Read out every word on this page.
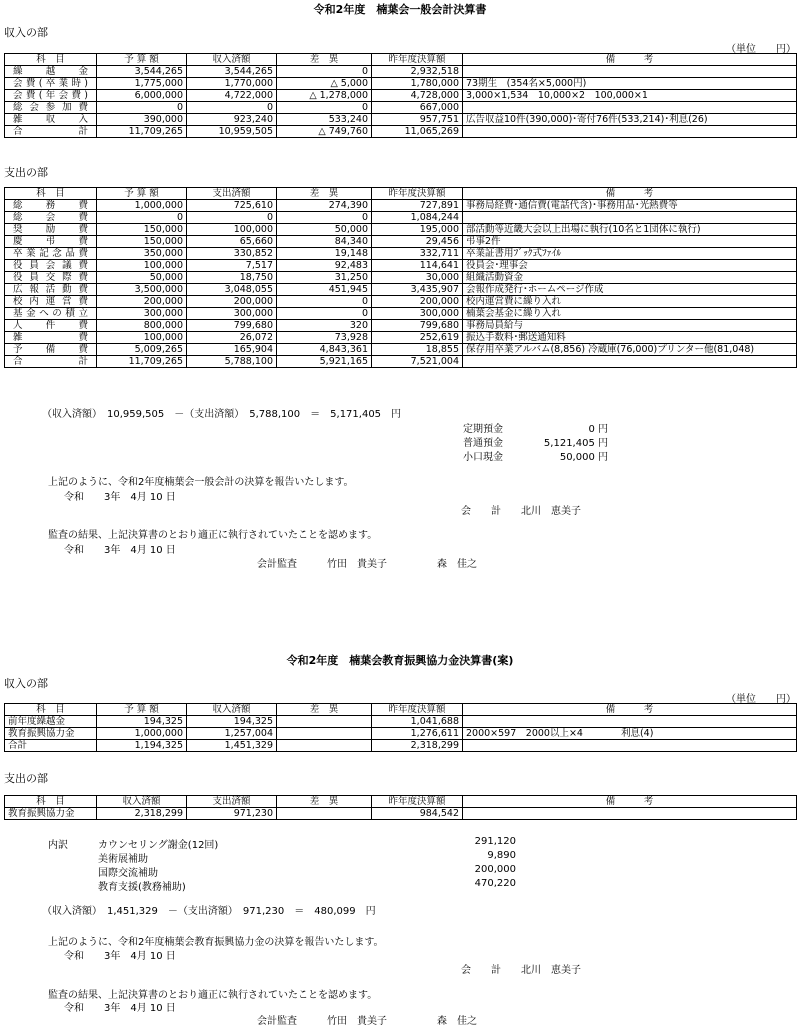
令和2年度　楠葉会一般会計決算書
収入の部
（単位　　円）
科　目	予 算 額	収入済額	差　異	昨年度決算額	備　　　考
繰越金	3,544,265	3,544,265	0	2,932,518	
会費(卒業時)	1,775,000	1,770,000	△ 5,000	1,780,000	73期生　(354名×5,000円)
会費(年会費)	6,000,000	4,722,000	△ 1,278,000	4,728,000	3,000×1,534　10,000×2　100,000×1
総会参加費	0	0	0	667,000	
雑収入	390,000	923,240	533,240	957,751	広告収益10件(390,000)･寄付76件(533,214)･利息(26)
合計	11,709,265	10,959,505	△ 749,760	11,065,269	
支出の部
科　目	予 算 額	支出済額	差　異	昨年度決算額	備　　　考
総務費	1,000,000	725,610	274,390	727,891	事務局経費･通信費(電話代含)･事務用品･光熱費等
総会費	0	0	0	1,084,244	
奨励費	150,000	100,000	50,000	195,000	部活動等近畿大会以上出場に執行(10名と1団体に執行)
慶弔費	150,000	65,660	84,340	29,456	弔事2件
卒業記念品費	350,000	330,852	19,148	332,711	卒業証書用ﾌﾞｯｸ式ﾌｧｲﾙ
役員会議費	100,000	7,517	92,483	114,641	役員会･理事会
役員交際費	50,000	18,750	31,250	30,000	組織活動資金
広報活動費	3,500,000	3,048,055	451,945	3,435,907	会報作成発行･ホームページ作成
校内運営費	200,000	200,000	0	200,000	校内運営費に繰り入れ
基金への積立	300,000	300,000	0	300,000	楠葉会基金に繰り入れ
人件費	800,000	799,680	320	799,680	事務局員給与
雑費	100,000	26,072	73,928	252,619	振込手数料･郵送通知料
予備費	5,009,265	165,904	4,843,361	18,855	保存用卒業アルバム(8,856) 冷蔵庫(76,000)プリンター他(81,048)
合計	11,709,265	5,788,100	5,921,165	7,521,004	
（収入済額）　10,959,505　－（支出済額）　5,788,100　＝　5,171,405　円
定期預金	0 円
普通預金	5,121,405 円
小口現金	50,000 円
上記のように、令和2年度楠葉会一般会計の決算を報告いたします。
令和　　3年　4月 10 日
会　　計　　北川　恵美子
監査の結果、上記決算書のとおり適正に執行されていたことを認めます。
令和　　3年　4月 10 日
会計監査　　　竹田　貴美子　　　　　森　佳之
令和2年度　楠葉会教育振興協力金決算書(案)
収入の部
（単位　　円）
科　目	予 算 額	収入済額	差　異	昨年度決算額	備　　　考
前年度繰越金	194,325	194,325		1,041,688	
教育振興協力金	1,000,000	1,257,004		1,276,611	2000×597　2000以上×4　　　　利息(4)
合計	1,194,325	1,451,329		2,318,299	
支出の部
科　目	収入済額	支出済額	差　異	昨年度決算額	備　　　考
教育振興協力金	2,318,299	971,230		984,542	
内訳	カウンセリング謝金(12回)	291,120
美術展補助	9,890
国際交流補助	200,000
教育支援(教務補助)	470,220
（収入済額）　1,451,329　－（支出済額）　971,230　＝　480,099　円
上記のように、令和2年度楠葉会教育振興協力金の決算を報告いたします。
令和　　3年　4月 10 日
会　　計　　北川　恵美子
監査の結果、上記決算書のとおり適正に執行されていたことを認めます。
令和　　3年　4月 10 日
会計監査　　　竹田　貴美子　　　　　森　佳之
